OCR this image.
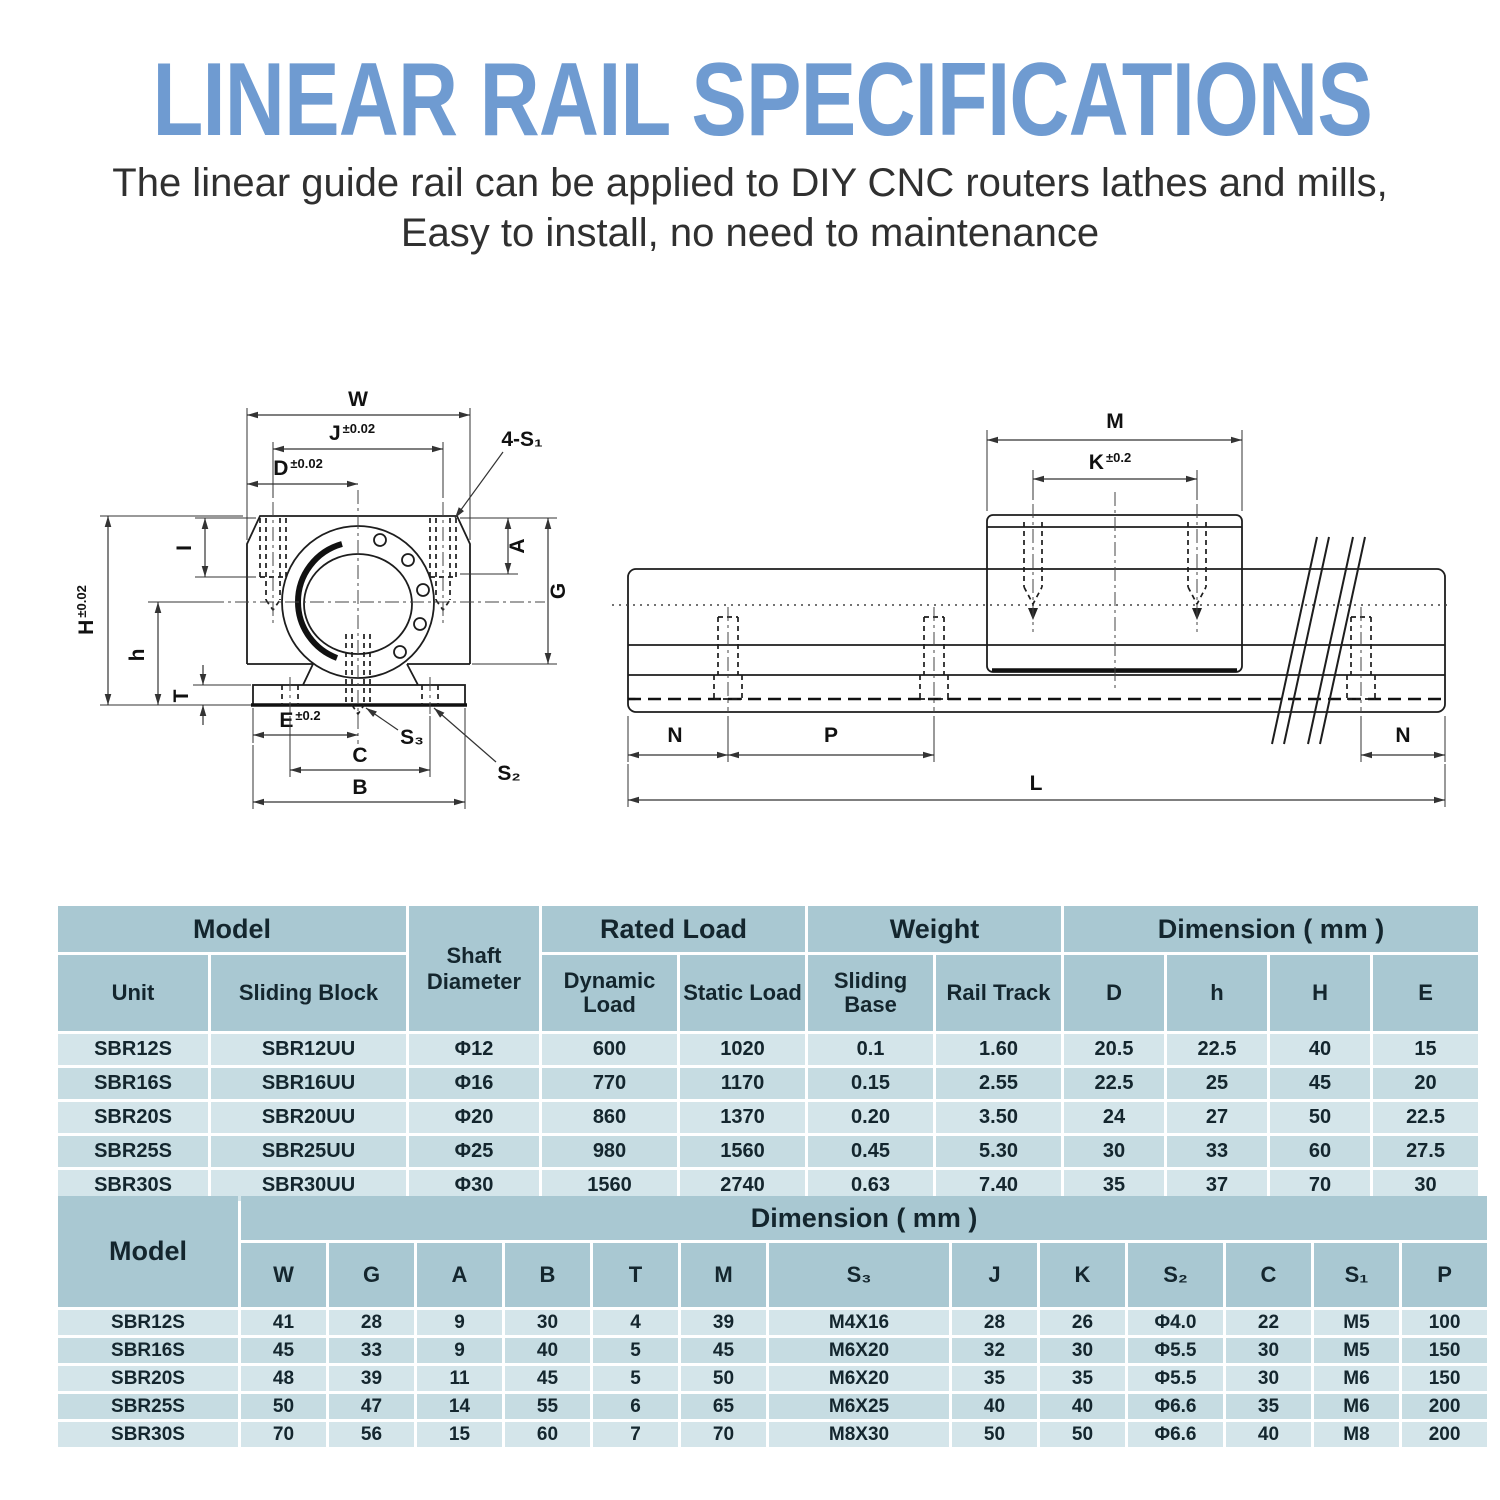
LINEAR RAIL SPECIFICATIONS

The linear guide rail can be applied to DIY CNC routers lathes and mills,

Easy to install, no need to maintenance

W
J $^{\pm 0.02}$
D $^{\pm 0.02}$
4-S₁
I	A
G
$H^{\pm 0.02}$
h
T
E $^{\pm 0.2}$
S₃
C
S₂
B
M
K $^{\pm 0.2}$
N	P	N
L
Model		Shaft Diameter	Rated Load		Weight		Dimension ( mm )			
Unit	Sliding Block		Dynamic Load	Static Load	Sliding Base	Rail Track	D	h	H	E
SBR12S	SBR12UU	Φ12	600	1020	0.1	1.60	20.5	22.5	40	15
SBR16S	SBR16UU	Φ16	770	1170	0.15	2.55	22.5	25	45	20
SBR20S	SBR20UU	Φ20	860	1370	0.20	3.50	24	27	50	22.5
SBR25S	SBR25UU	Φ25	980	1560	0.45	5.30	30	33	60	27.5
SBR30S	SBR30UU	Φ30	1560	2740	0.63	7.40	35	37	70	30
Model	Dimension ( mm )												
	W	G	A	B	T	M	S₃	J	K	S₂	C	S₁	P
SBR12S	41	28	9	30	4	39	M4X16	28	26	Φ4.0	22	M5	100
SBR16S	45	33	9	40	5	45	M6X20	32	30	Φ5.5	30	M5	150
SBR20S	48	39	11	45	5	50	M6X20	35	35	Φ5.5	30	M6	150
SBR25S	50	47	14	55	6	65	M6X25	40	40	Φ6.6	35	M6	200
SBR30S	70	56	15	60	7	70	M8X30	50	50	Φ6.6	40	M8	200
